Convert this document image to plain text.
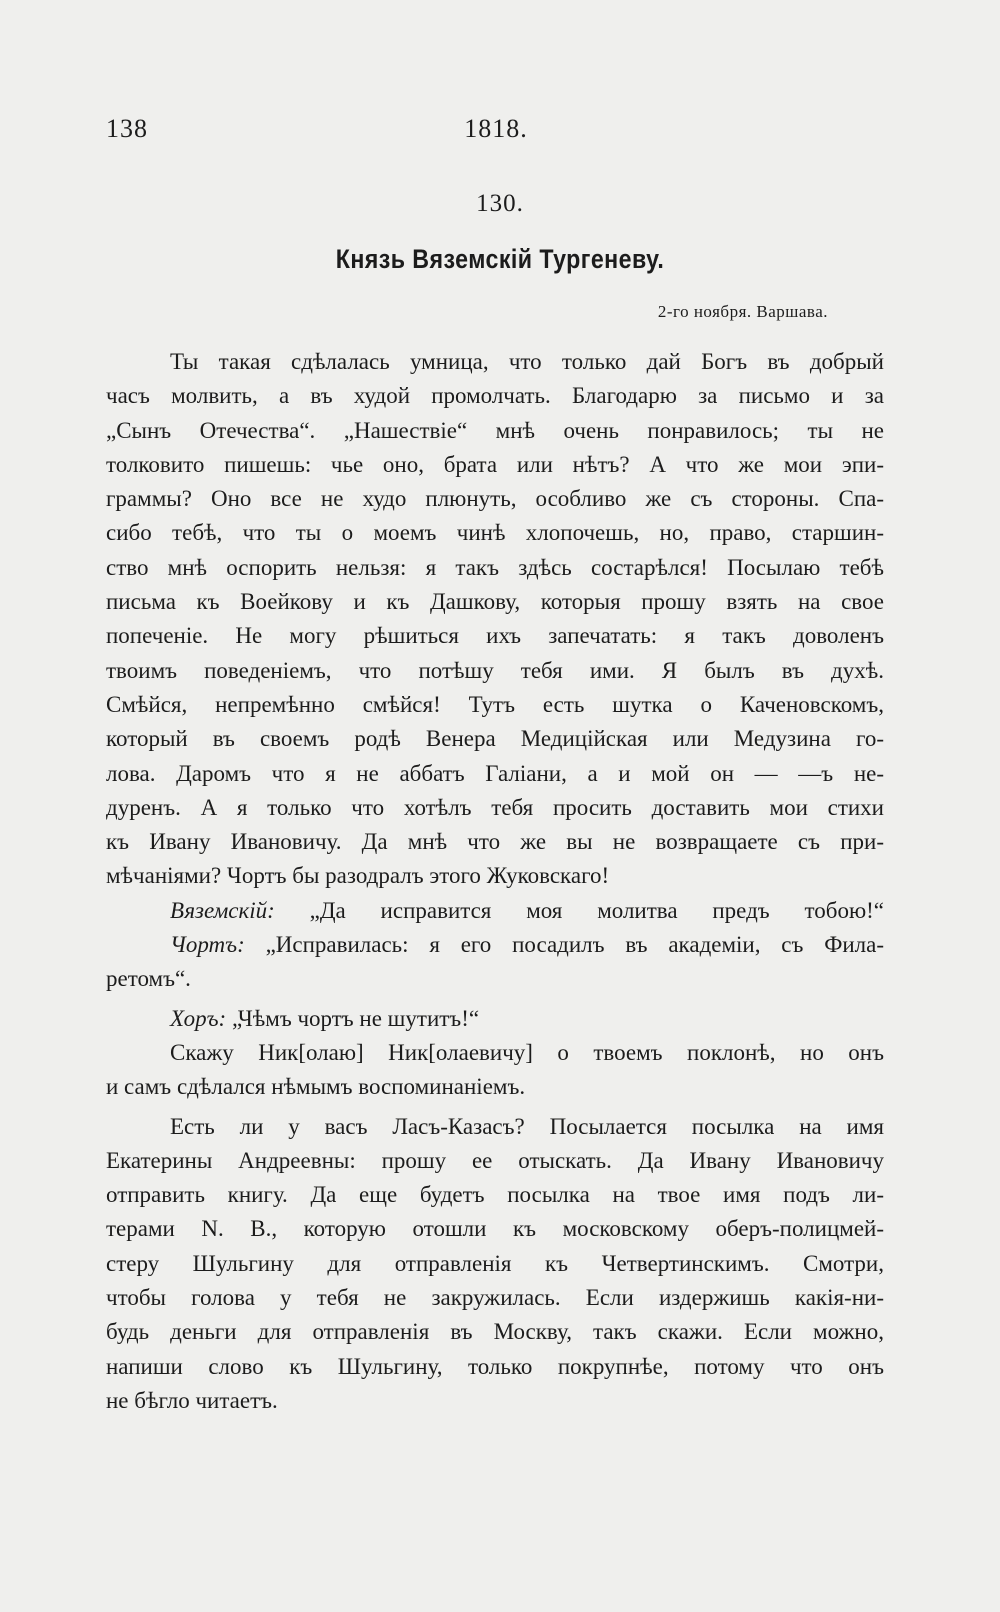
138	1818.
130.
Князь Вяземскій Тургеневу.
2-го ноября. Варшава.
Ты такая сдѣлалась умница, что только дай Богъ въ добрый
часъ молвить, а въ худой промолчать. Благодарю за письмо и за
„Сынъ Отечества“. „Нашествіе“ мнѣ очень понравилось; ты не
толковито пишешь: чье оно, брата или нѣтъ? А что же мои эпи-
граммы? Оно все не худо плюнуть, особливо же съ стороны. Спа-
сибо тебѣ, что ты о моемъ чинѣ хлопочешь, но, право, старшин-
ство мнѣ оспорить нельзя: я такъ здѣсь состарѣлся! Посылаю тебѣ
письма къ Воейкову и къ Дашкову, которыя прошу взять на свое
попеченіе. Не могу рѣшиться ихъ запечатать: я такъ доволенъ
твоимъ поведеніемъ, что потѣшу тебя ими. Я былъ въ духѣ.
Смѣйся, непремѣнно смѣйся! Тутъ есть шутка о Каченовскомъ,
который въ своемъ родѣ Венера Медиційская или Медузина го-
лова. Даромъ что я не аббатъ Галіани, а и мой он — —ъ не-
дуренъ. А я только что хотѣлъ тебя просить доставить мои стихи
къ Ивану Ивановичу. Да мнѣ что же вы не возвращаете съ при-
мѣчаніями? Чортъ бы разодралъ этого Жуковскаго!
Вяземскій: „Да исправится моя молитва предъ тобою!“
Чортъ: „Исправилась: я его посадилъ въ академіи, съ Фила-
ретомъ“.
Хоръ: „Чѣмъ чортъ не шутитъ!“
Скажу Ник[олаю] Ник[олаевичу] о твоемъ поклонѣ, но онъ
и самъ сдѣлался нѣмымъ воспоминаніемъ.
Есть ли у васъ Ласъ-Казасъ? Посылается посылка на имя
Екатерины Андреевны: прошу ее отыскать. Да Ивану Ивановичу
отправить книгу. Да еще будетъ посылка на твое имя подъ ли-
терами N. В., которую отошли къ московскому оберъ-полицмей-
стеру Шульгину для отправленія къ Четвертинскимъ. Смотри,
чтобы голова у тебя не закружилась. Если издержишь какія-ни-
будь деньги для отправленія въ Москву, такъ скажи. Если можно,
напиши слово къ Шульгину, только покрупнѣе, потому что онъ
не бѣгло читаетъ.
